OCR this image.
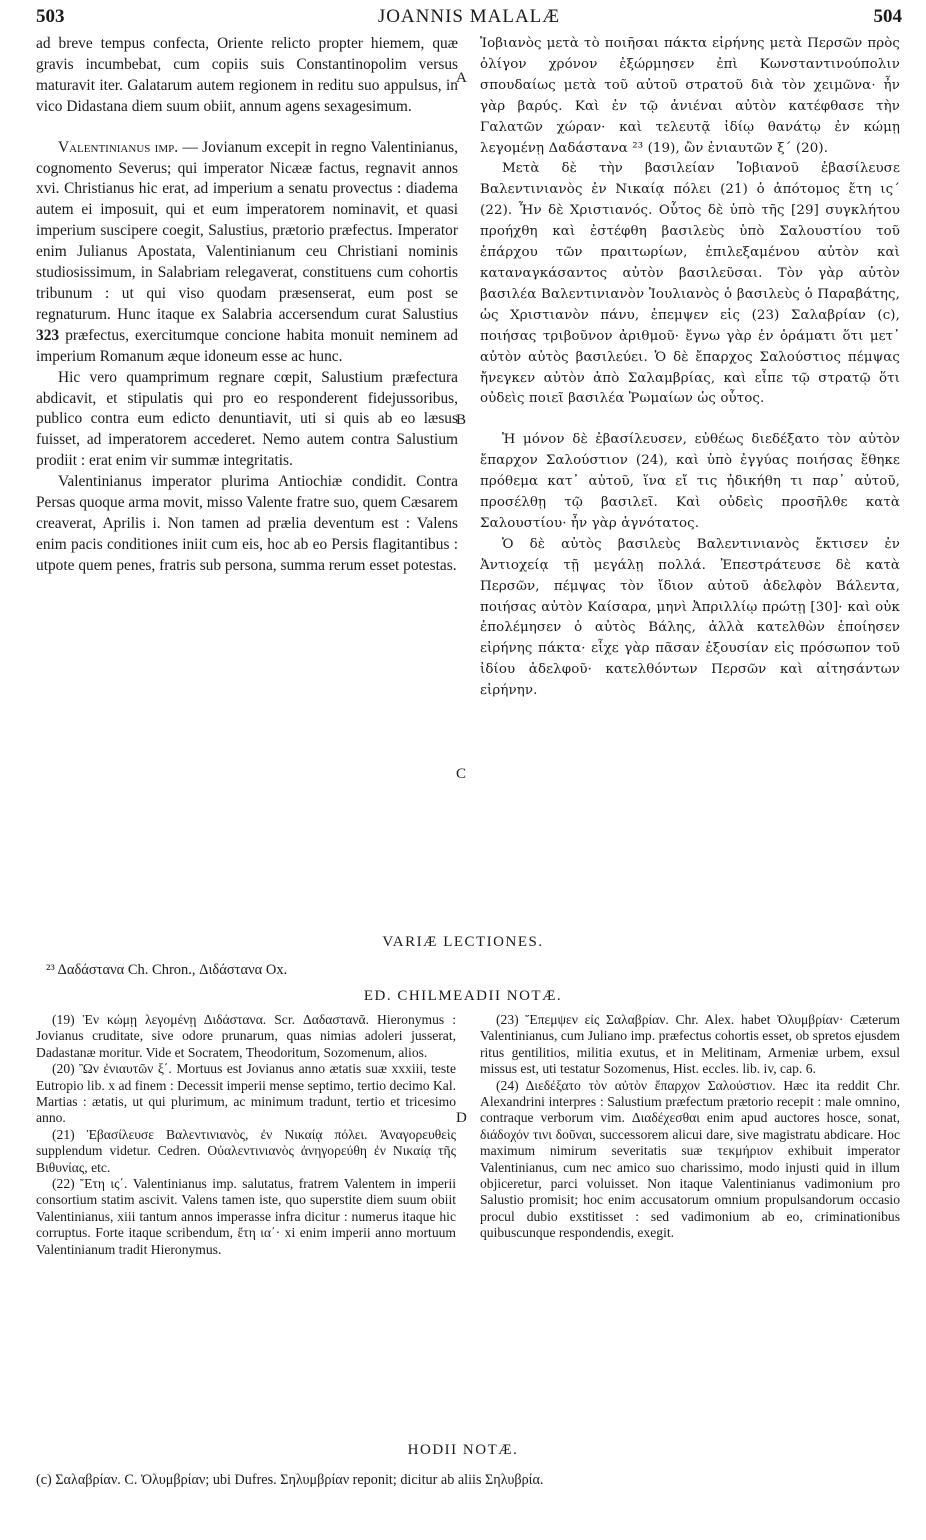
503	JOANNIS MALALÆ	504

ad breve tempus confecta, Oriente relicto propter hiemem, quæ gravis incumbebat, cum copiis suis Constantinopolim versus maturavit iter. Galatarum autem regionem in reditu suo appulsus, in vico Didastana diem suum obiit, annum agens sexagesimum.

Valentinianus imp. — Jovianum excepit in regno Valentinianus, cognomento Severus; qui imperator Nicææ factus, regnavit annos xvi. Christianus hic erat, ad imperium a senatu provectus : diadema autem ei imposuit, qui et eum imperatorem nominavit, et quasi imperium suscipere coegit, Salustius, prætorio præfectus. Imperator enim Julianus Apostata, Valentinianum ceu Christiani nominis studiosissimum, in Salabriam relegaverat, constituens cum cohortis tribunum : ut qui viso quodam præsenserat, eum post se regnaturum. Hunc itaque ex Salabria accersendum curat Salustius 323 præfectus, exercitumque concione habita monuit neminem ad imperium Romanum æque idoneum esse ac hunc.

Hic vero quamprimum regnare cœpit, Salustium præfectura abdicavit, et stipulatis qui pro eo responderent fidejussoribus, publico contra eum edicto denuntiavit, uti si quis ab eo læsus fuisset, ad imperatorem accederet. Nemo autem contra Salustium prodiit : erat enim vir summæ integritatis.

Valentinianus imperator plurima Antiochiæ condidit. Contra Persas quoque arma movit, misso Valente fratre suo, quem Cæsarem creaverat, Aprilis i. Non tamen ad prælia deventum est : Valens enim pacis conditiones iniit cum eis, hoc ab eo Persis flagitantibus : utpote quem penes, fratris sub persona, summa rerum esset potestas.

A
B
C
D

Ἰοβιανὸς μετὰ τὸ ποιῆσαι πάκτα εἰρήνης μετὰ Περσῶν πρὸς ὀλίγον χρόνον ἐξώρμησεν ἐπὶ Κωνσταντινούπολιν σπουδαίως μετὰ τοῦ αὐτοῦ στρατοῦ διὰ τὸν χειμῶνα· ἦν γὰρ βαρύς. Καὶ ἐν τῷ ἀνιέναι αὐτὸν κατέφθασε τὴν Γαλατῶν χώραν· καὶ τελευτᾷ ἰδίῳ θανάτῳ ἐν κώμῃ λεγομένῃ Δαδάστανα ²³ (19), ὢν ἐνιαυτῶν ξ΄ (20).

Μετὰ δὲ τὴν βασιλείαν Ἰοβιανοῦ ἐβασίλευσε Βαλεντινιανὸς ἐν Νικαίᾳ πόλει (21) ὁ ἀπότομος ἔτη ις΄ (22). Ἦν δὲ Χριστιανός. Οὗτος δὲ ὑπὸ τῆς [29] συγκλήτου προήχθη καὶ ἐστέφθη βασιλεὺς ὑπὸ Σαλουστίου τοῦ ἐπάρχου τῶν πραιτωρίων, ἐπιλεξαμένου αὐτὸν καὶ καταναγκάσαντος αὐτὸν βασιλεῦσαι. Τὸν γὰρ αὐτὸν βασιλέα Βαλεντινιανὸν Ἰουλιανὸς ὁ βασιλεὺς ὁ Παραβάτης, ὡς Χριστιανὸν πάνυ, ἐπεμψεν εἰς (23) Σαλαβρίαν (c), ποιήσας τριβοῦνον ἀριθμοῦ· ἔγνω γὰρ ἐν ὁράματι ὅτι μετ᾽ αὐτὸν αὐτὸς βασιλεύει. Ὁ δὲ ἔπαρχος Σαλούστιος πέμψας ἤνεγκεν αὐτὸν ἀπὸ Σαλαμβρίας, καὶ εἶπε τῷ στρατῷ ὅτι οὐδεὶς ποιεῖ βασιλέα Ῥωμαίων ὡς οὗτος.

Ἡ μόνον δὲ ἐβασίλευσεν, εὐθέως διεδέξατο τὸν αὐτὸν ἔπαρχον Σαλούστιον (24), καὶ ὑπὸ ἐγγύας ποιήσας ἔθηκε πρόθεμα κατ᾽ αὐτοῦ, ἵνα εἴ τις ἠδικήθη τι παρ᾽ αὐτοῦ, προσέλθῃ τῷ βασιλεῖ. Καὶ οὐδεὶς προσῆλθε κατὰ Σαλουστίου· ἦν γὰρ ἁγνότατος.

Ὁ δὲ αὐτὸς βασιλεὺς Βαλεντινιανὸς ἔκτισεν ἐν Ἀντιοχείᾳ τῇ μεγάλῃ πολλά. Ἐπεστράτευσε δὲ κατὰ Περσῶν, πέμψας τὸν ἴδιον αὐτοῦ ἀδελφὸν Βάλεντα, ποιήσας αὐτὸν Καίσαρα, μηνὶ Ἀπριλλίῳ πρώτῃ [30]· καὶ οὐκ ἐπολέμησεν ὁ αὐτὸς Βάλης, ἀλλὰ κατελθὼν ἐποίησεν εἰρήνης πάκτα· εἶχε γὰρ πᾶσαν ἐξουσίαν εἰς πρόσωπον τοῦ ἰδίου ἀδελφοῦ· κατελθόντων Περσῶν καὶ αἰτησάντων εἰρήνην.

VARIÆ LECTIONES.
²³ Δαδάστανα Ch. Chron., Διδάστανα Ox.
ED. CHILMEADII NOTÆ.

(19) Ἐν κώμῃ λεγομένῃ Διδάστανα. Scr. Δαδαστανᾶ. Hieronymus : Jovianus cruditate, sive odore prunarum, quas nimias adoleri jusserat, Dadastanæ moritur. Vide et Socratem, Theodoritum, Sozomenum, alios.

(20) Ὢν ἐνιαυτῶν ξ΄. Mortuus est Jovianus anno ætatis suæ xxxiii, teste Eutropio lib. x ad finem : Decessit imperii mense septimo, tertio decimo Kal. Martias : ætatis, ut qui plurimum, ac minimum tradunt, tertio et tricesimo anno.

(21) Ἐβασίλευσε Βαλεντινιανὸς, ἐν Νικαίᾳ πόλει. Ἀναγορευθεὶς supplendum videtur. Cedren. Οὐαλεντινιανὸς ἀνηγορεύθη ἐν Νικαίᾳ τῆς Βιθυνίας, etc.

(22) Ἔτη ις΄. Valentinianus imp. salutatus, fratrem Valentem in imperii consortium statim ascivit. Valens tamen iste, quo superstite diem suum obiit Valentinianus, xiii tantum annos imperasse infra dicitur : numerus itaque hic corruptus. Forte itaque scribendum, ἔτη ια΄· xi enim imperii anno mortuum Valentinianum tradit Hieronymus.

(23) Ἔπεμψεν εἰς Σαλαβρίαν. Chr. Alex. habet Ὀλυμβρίαν· Cæterum Valentinianus, cum Juliano imp. præfectus cohortis esset, ob spretos ejusdem ritus gentilitios, militia exutus, et in Melitinam, Armeniæ urbem, exsul missus est, uti testatur Sozomenus, Hist. eccles. lib. iv, cap. 6.

(24) Διεδέξατο τὸν αὐτὸν ἔπαρχον Σαλούστιον. Hæc ita reddit Chr. Alexandrini interpres : Salustium præfectum prætorio recepit : male omnino, contraque verborum vim. Διαδέχεσθαι enim apud auctores hosce, sonat, διάδοχόν τινι δοῦναι, successorem alicui dare, sive magistratu abdicare. Hoc maximum nimirum severitatis suæ τεκμήριον exhibuit imperator Valentinianus, cum nec amico suo charissimo, modo injusti quid in illum objiceretur, parci voluisset. Non itaque Valentinianus vadimonium pro Salustio promisit; hoc enim accusatorum omnium propulsandorum occasio procul dubio exstitisset : sed vadimonium ab eo, criminationibus quibuscunque respondendis, exegit.

HODII NOTÆ.
(c) Σαλαβρίαν. C. Ὀλυμβρίαν; ubi Dufres. Σηλυμβρίαν reponit; dicitur ab aliis Σηλυβρία.
